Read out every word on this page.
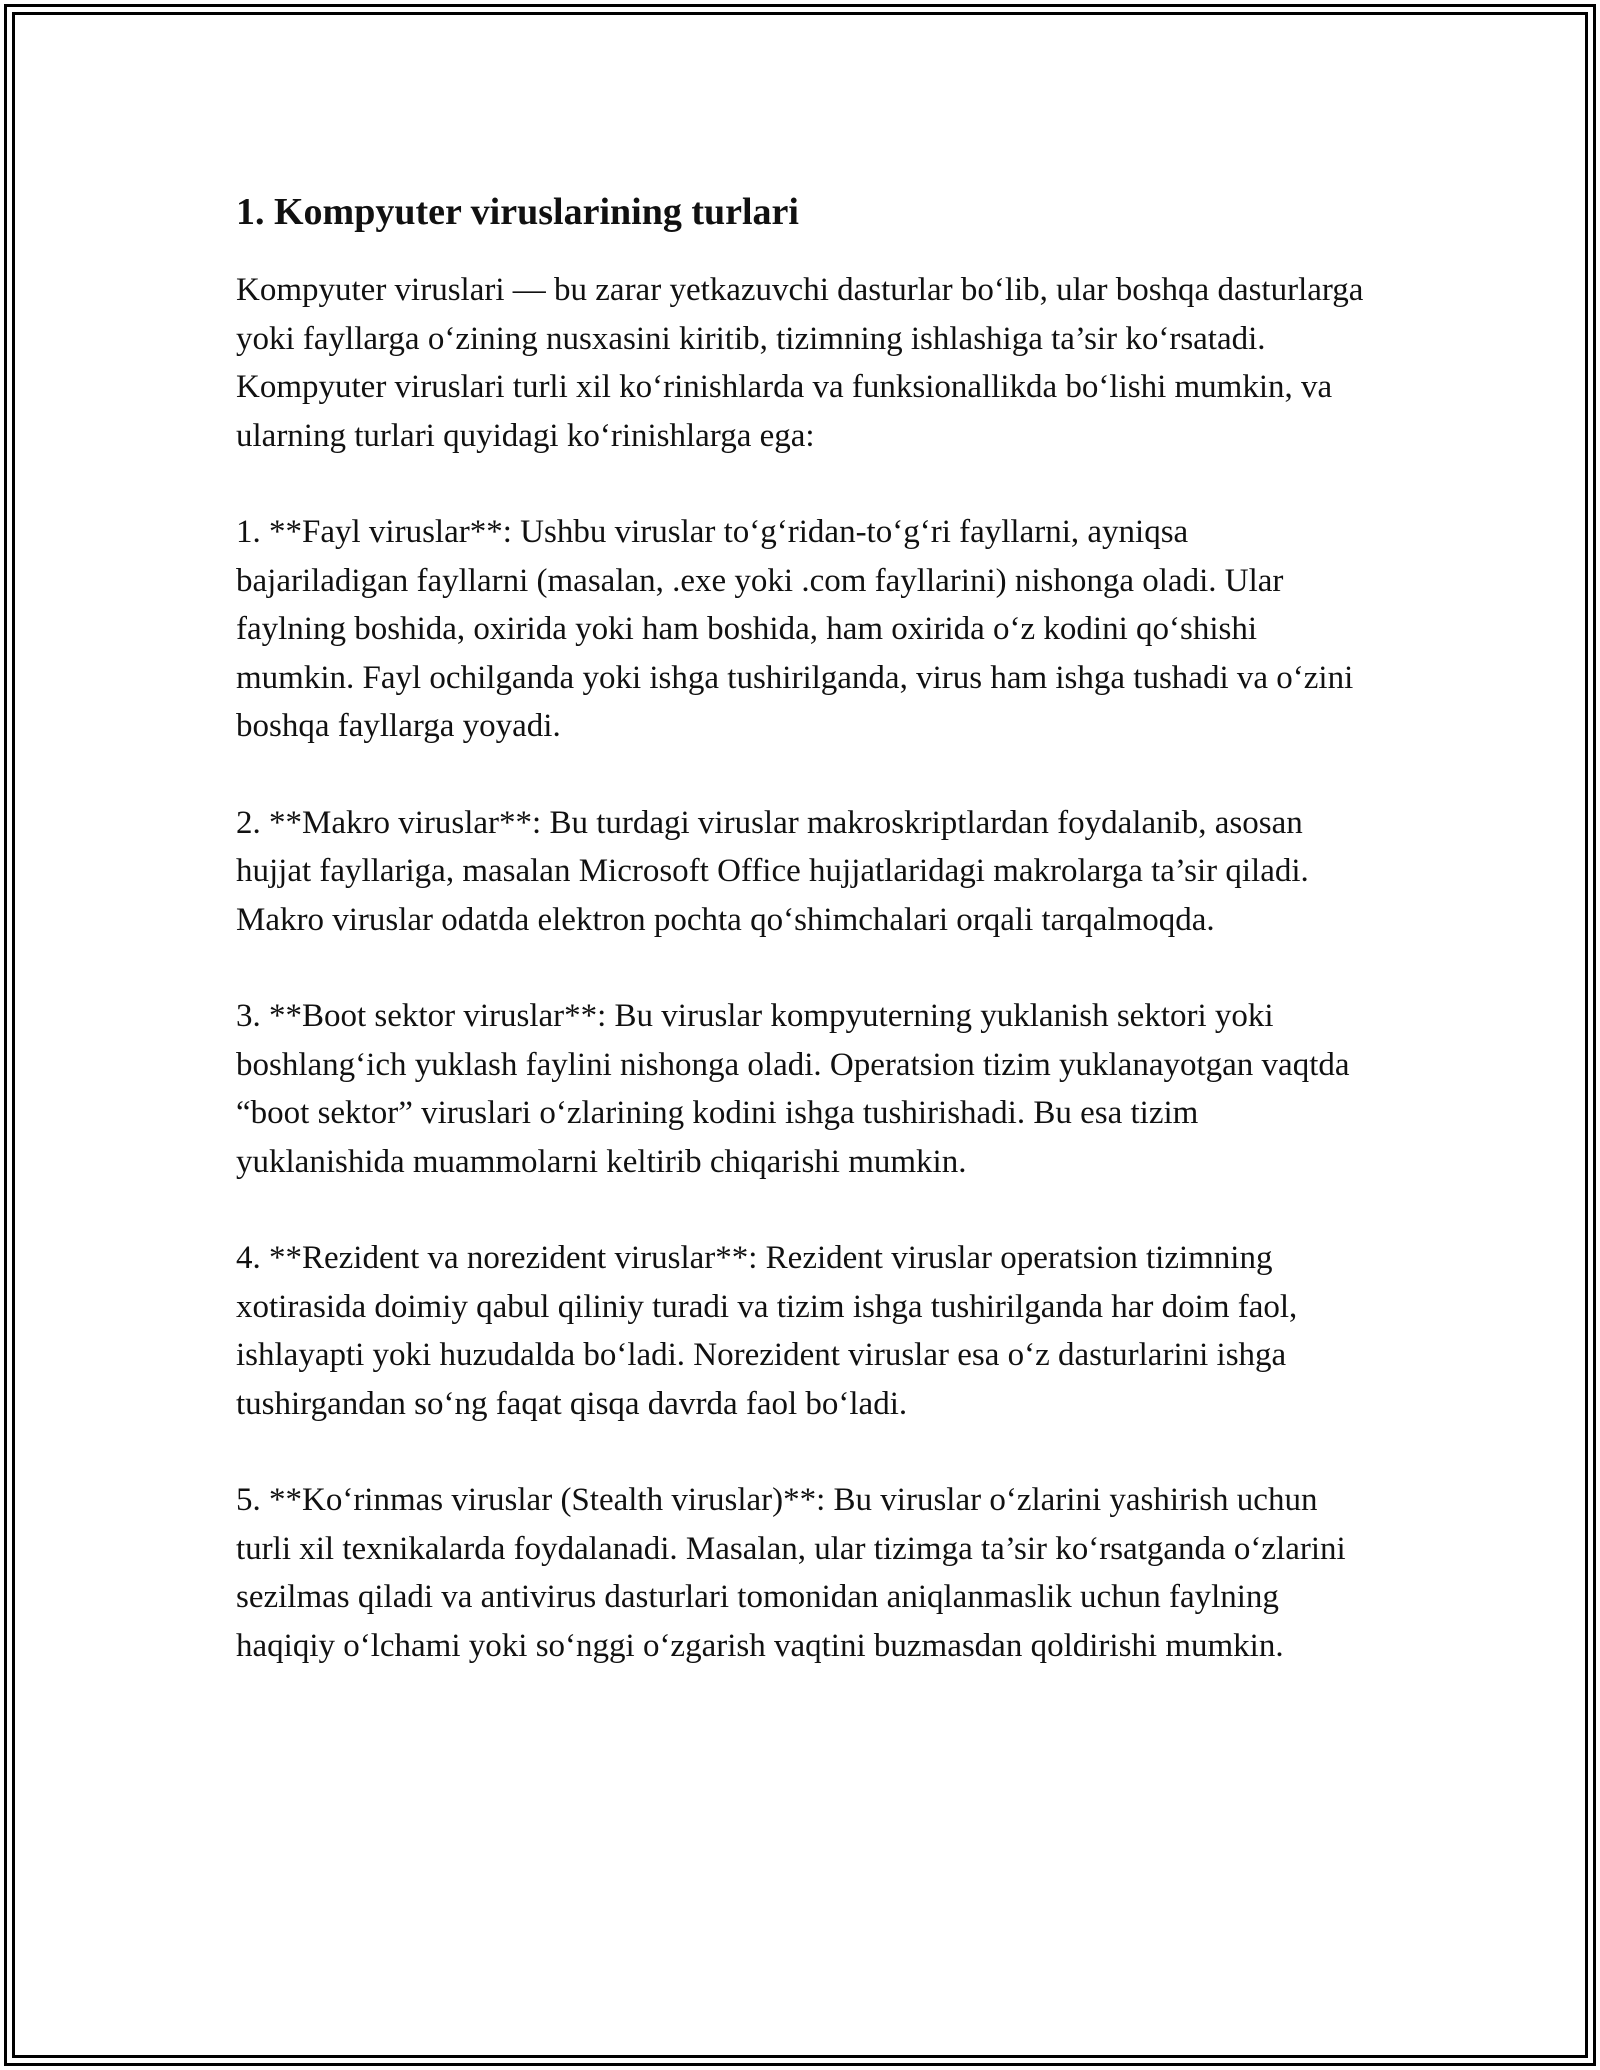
1. Kompyuter viruslarining turlari

Kompyuter viruslari — bu zarar yetkazuvchi dasturlar bo‘lib, ular boshqa dasturlarga yoki fayllarga o‘zining nusxasini kiritib, tizimning ishlashiga ta’sir ko‘rsatadi. Kompyuter viruslari turli xil ko‘rinishlarda va funksionallikda bo‘lishi mumkin, va ularning turlari quyidagi ko‘rinishlarga ega:

1. **Fayl viruslar**: Ushbu viruslar to‘g‘ridan-to‘g‘ri fayllarni, ayniqsa bajariladigan fayllarni (masalan, .exe yoki .com fayllarini) nishonga oladi. Ular faylning boshida, oxirida yoki ham boshida, ham oxirida o‘z kodini qo‘shishi mumkin. Fayl ochilganda yoki ishga tushirilganda, virus ham ishga tushadi va o‘zini boshqa fayllarga yoyadi.

2. **Makro viruslar**: Bu turdagi viruslar makroskriptlardan foydalanib, asosan hujjat fayllariga, masalan Microsoft Office hujjatlaridagi makrolarga ta’sir qiladi. Makro viruslar odatda elektron pochta qo‘shimchalari orqali tarqalmoqda.

3. **Boot sektor viruslar**: Bu viruslar kompyuterning yuklanish sektori yoki boshlang‘ich yuklash faylini nishonga oladi. Operatsion tizim yuklanayotgan vaqtda “boot sektor” viruslari o‘zlarining kodini ishga tushirishadi. Bu esa tizim yuklanishida muammolarni keltirib chiqarishi mumkin.

4. **Rezident va norezident viruslar**: Rezident viruslar operatsion tizimning xotirasida doimiy qabul qiliniy turadi va tizim ishga tushirilganda har doim faol, ishlayapti yoki huzudalda bo‘ladi. Norezident viruslar esa o‘z dasturlarini ishga tushirgandan so‘ng faqat qisqa davrda faol bo‘ladi.

5. **Ko‘rinmas viruslar (Stealth viruslar)**: Bu viruslar o‘zlarini yashirish uchun turli xil texnikalarda foydalanadi. Masalan, ular tizimga ta’sir ko‘rsatganda o‘zlarini sezilmas qiladi va antivirus dasturlari tomonidan aniqlanmaslik uchun faylning haqiqiy o‘lchami yoki so‘nggi o‘zgarish vaqtini buzmasdan qoldirishi mumkin.
